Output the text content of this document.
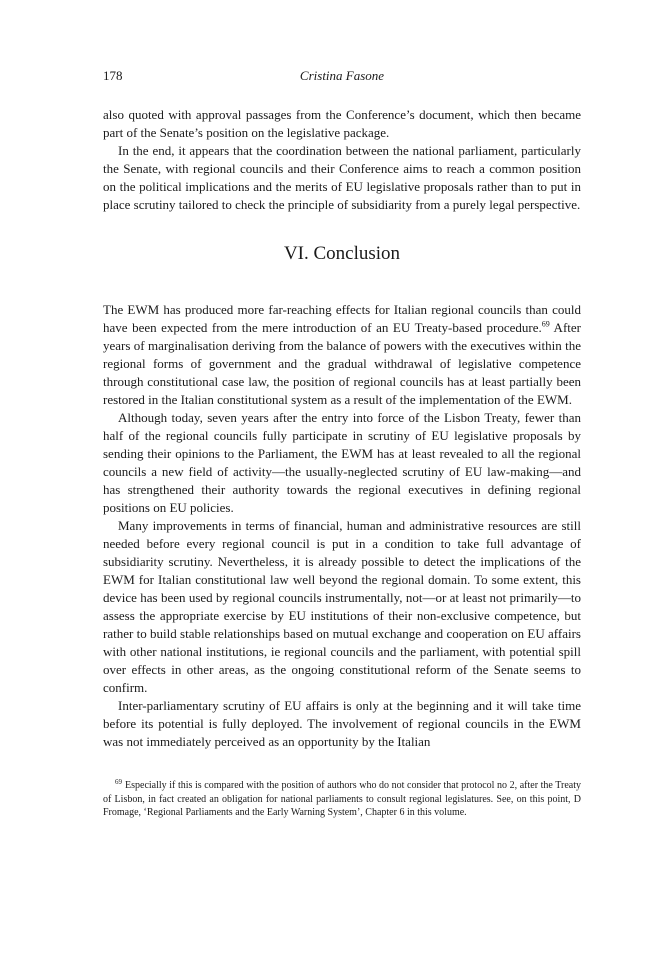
178	Cristina Fasone

also quoted with approval passages from the Conference’s document, which then became part of the Senate’s position on the legislative package.

In the end, it appears that the coordination between the national parliament, particularly the Senate, with regional councils and their Conference aims to reach a common position on the political implications and the merits of EU legislative proposals rather than to put in place scrutiny tailored to check the principle of subsidiarity from a purely legal perspective.

VI. Conclusion

The EWM has produced more far-reaching effects for Italian regional councils than could have been expected from the mere introduction of an EU Treaty-based procedure.$^{69}$ After years of marginalisation deriving from the balance of powers with the executives within the regional forms of government and the gradual withdrawal of legislative competence through constitutional case law, the position of regional councils has at least partially been restored in the Italian constitutional system as a result of the implementation of the EWM.

Although today, seven years after the entry into force of the Lisbon Treaty, fewer than half of the regional councils fully participate in scrutiny of EU legislative proposals by sending their opinions to the Parliament, the EWM has at least revealed to all the regional councils a new field of activity—the usually-neglected scrutiny of EU law-making—and has strengthened their authority towards the regional executives in defining regional positions on EU policies.

Many improvements in terms of financial, human and administrative resources are still needed before every regional council is put in a condition to take full advantage of subsidiarity scrutiny. Nevertheless, it is already possible to detect the implications of the EWM for Italian constitutional law well beyond the regional domain. To some extent, this device has been used by regional councils instrumentally, not—or at least not primarily—to assess the appropriate exercise by EU institutions of their non-exclusive competence, but rather to build stable relationships based on mutual exchange and cooperation on EU affairs with other national institutions, ie regional councils and the parliament, with potential spill over effects in other areas, as the ongoing constitutional reform of the Senate seems to confirm.

Inter-parliamentary scrutiny of EU affairs is only at the beginning and it will take time before its potential is fully deployed. The involvement of regional councils in the EWM was not immediately perceived as an opportunity by the Italian

$^{69}$ Especially if this is compared with the position of authors who do not consider that protocol no 2, after the Treaty of Lisbon, in fact created an obligation for national parliaments to consult regional legislatures. See, on this point, D Fromage, ‘Regional Parliaments and the Early Warning System’, Chapter 6 in this volume.
